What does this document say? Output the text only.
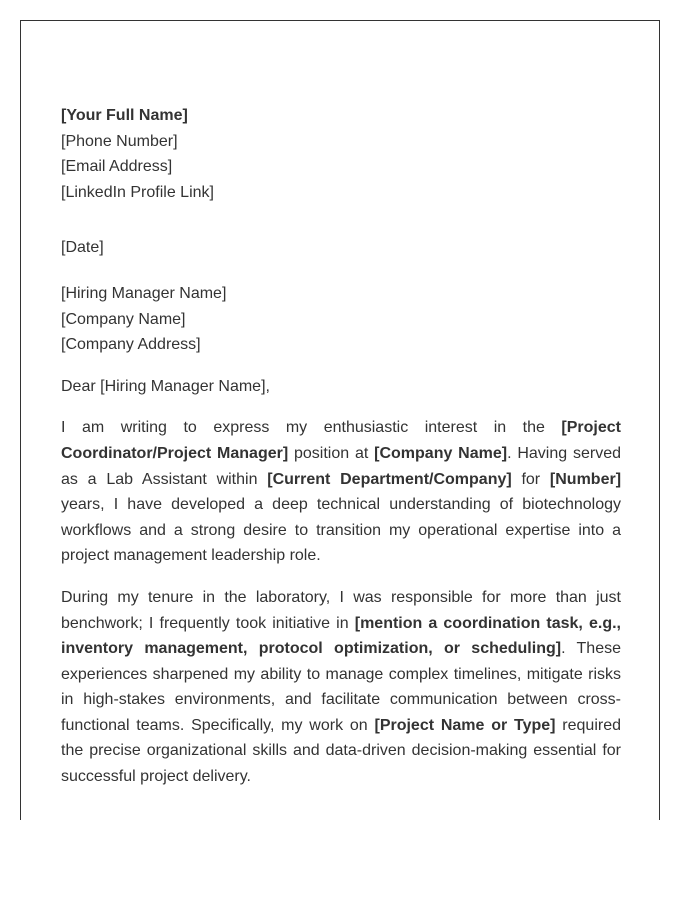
[Your Full Name]
[Phone Number]
[Email Address]
[LinkedIn Profile Link]
[Date]
[Hiring Manager Name]
[Company Name]
[Company Address]
Dear [Hiring Manager Name],

I am writing to express my enthusiastic interest in the [Project Coordinator/Project Manager] position at [Company Name]. Having served as a Lab Assistant within [Current Department/Company] for [Number] years, I have developed a deep technical understanding of biotechnology workflows and a strong desire to transition my operational expertise into a project management leadership role.

During my tenure in the laboratory, I was responsible for more than just benchwork; I frequently took initiative in [mention a coordination task, e.g., inventory management, protocol optimization, or scheduling]. These experiences sharpened my ability to manage complex timelines, mitigate risks in high-stakes environments, and facilitate communication between cross-functional teams. Specifically, my work on [Project Name or Type] required the precise organizational skills and data-driven decision-making essential for successful project delivery.
